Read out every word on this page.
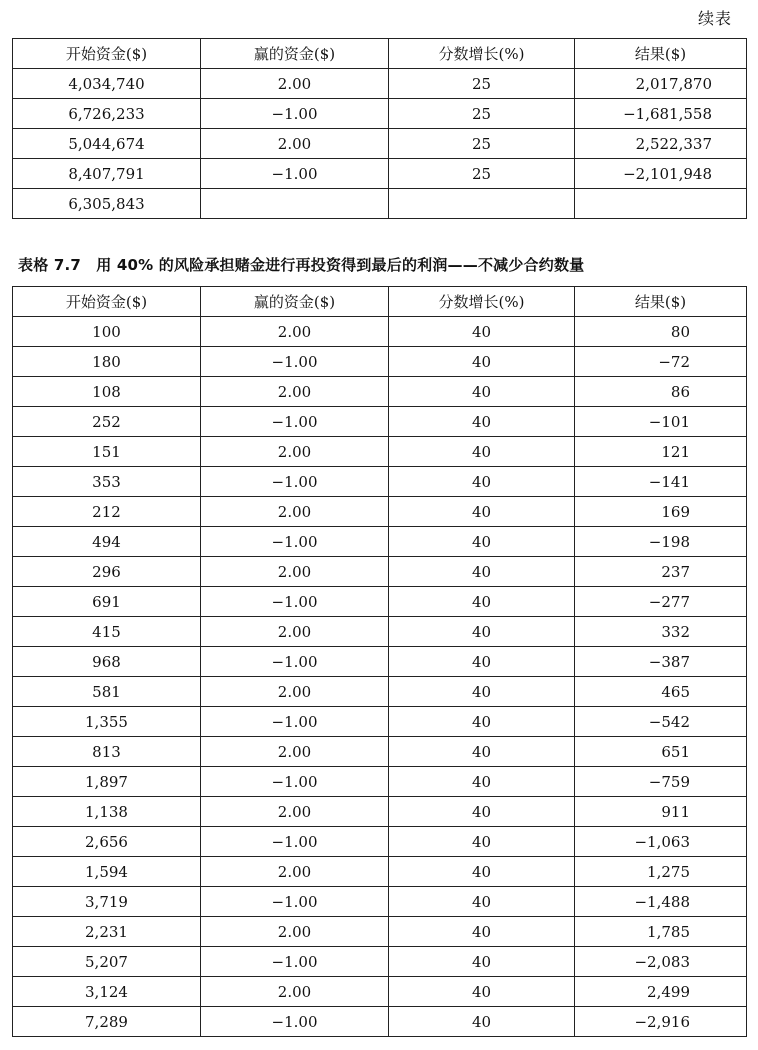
续表
开始资金($)	赢的资金($)	分数增长(%)	结果($)
4,034,740	2.00	25	2,017,870
6,726,233	−1.00	25	−1,681,558
5,044,674	2.00	25	2,522,337
8,407,791	−1.00	25	−2,101,948
6,305,843			
表格 7.7　用 40% 的风险承担赌金进行再投资得到最后的利润——不减少合约数量
开始资金($)	赢的资金($)	分数增长(%)	结果($)
100	2.00	40	80
180	−1.00	40	−72
108	2.00	40	86
252	−1.00	40	−101
151	2.00	40	121
353	−1.00	40	−141
212	2.00	40	169
494	−1.00	40	−198
296	2.00	40	237
691	−1.00	40	−277
415	2.00	40	332
968	−1.00	40	−387
581	2.00	40	465
1,355	−1.00	40	−542
813	2.00	40	651
1,897	−1.00	40	−759
1,138	2.00	40	911
2,656	−1.00	40	−1,063
1,594	2.00	40	1,275
3,719	−1.00	40	−1,488
2,231	2.00	40	1,785
5,207	−1.00	40	−2,083
3,124	2.00	40	2,499
7,289	−1.00	40	−2,916
